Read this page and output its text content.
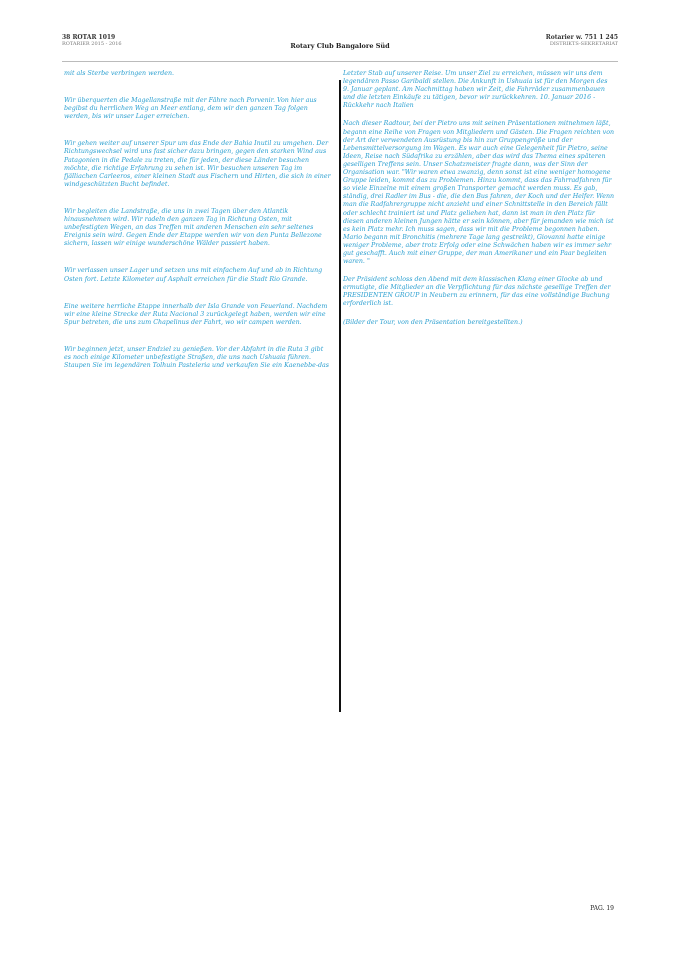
38 ROTAR 1019
ROTARIER 2015 - 2016	Rotary Club Bangalore Süd
Rotarier w. 751 1 245
DISTRIKTS-SEKRETARIAT

mit als Sterbe verbringen werden.

Wir überquerten die Magellanstraße mit der Fähre nach Porvenir. Von hier aus begibst du herrlichen Weg an Meer entlang, dem wir den ganzen Tag folgen werden, bis wir unser Lager erreichen.

Wir gehen weiter auf unserer Spur um das Ende der Bahia Inutil zu umgehen. Der Richtungswechsel wird uns fast sicher dazu bringen, gegen den starken Wind aus Patagonien in die Pedale zu treten, die für jeden, der diese Länder besuchen möchte, die richtige Erfahrung zu sehen ist. Wir besuchen unseren Tag im fjälliachen Carleeros, einer kleinen Stadt aus Fischern und Hirten, die sich in einer windgeschützten Bucht befindet.

Wir begleiten die Landstraße, die uns in zwei Tagen über den Atlantik hinausnehmen wird. Wir radeln den ganzen Tag in Richtung Osten, mit unbefestigten Wegen, an das Treffen mit anderen Menschen ein sehr seltenes Ereignis sein wird. Gegen Ende der Etappe werden wir von den Punta Bellezone sichern, lassen wir einige wunderschöne Wälder passiert haben.

Wir verlassen unser Lager und setzen uns mit einfachem Auf und ab in Richtung Osten fort. Letzte Kilometer auf Asphalt erreichen für die Stadt Rio Grande.

Eine weitere herrliche Etappe innerhalb der Isla Grande von Feuerland. Nachdem wir eine kleine Strecke der Ruta Nacional 3 zurückgelegt haben, werden wir eine Spur betreten, die uns zum Chapelinus der Fahrt, wo wir campen werden.

Wir beginnen jetzt, unser Endziel zu genießen. Vor der Abfahrt in die Ruta 3 gibt es noch einige Kilometer unbefestigte Straßen, die uns nach Ushuaia führen. Staupen Sie im legendären Tolhuin Pasteleria und verkaufen Sie ein Kaenebbe-das

Letzter Stab auf unserer Reise. Um unser Ziel zu erreichen, müssen wir uns dem legendären Passo Garibaldi stellen. Die Ankunft in Ushuaia ist für den Morgen des 9. Januar geplant. Am Nachmittag haben wir Zeit, die Fahrräder zusammenbauen und die letzten Einkäufe zu tätigen, bevor wir zurückkehren. 10. Januar 2016 - Rückkehr nach Italien

Nach dieser Radtour, bei der Pietro uns mit seinen Präsentationen mitnehmen läßt, begann eine Reihe von Fragen von Mitgliedern und Gästen. Die Fragen reichten von der Art der verwendeten Ausrüstung bis hin zur Gruppengröße und der Lebensmittelversorgung im Wagen. Es war auch eine Gelegenheit für Pietro, seine Ideen, Reise nach Südafrika zu erzählen, aber das wird das Thema eines späteren geselligen Treffens sein. Unser Schatzmeister fragte dann, was der Sinn der Organisation war. "Wir waren etwa zwanzig, denn sonst ist eine weniger homogene Gruppe leiden, kommt das zu Problemen. Hinzu kommt, dass das Fahrradfahren für so viele Einzelne mit einem großen Transporter gemacht werden muss. Es gab, ständig, drei Radler im Bus - die, die den Bus fahren, der Koch und der Helfer. Wenn man die Radfahrergruppe nicht anzieht und einer Schnittstelle in den Bereich fällt oder schlecht trainiert ist und Platz geliehen hat, dann ist man in den Platz für diesen anderen kleinen Jungen hätte er sein können, aber für jemanden wie mich ist es kein Platz mehr. Ich muss sagen, dass wir mit die Probleme begonnen haben. Mario begann mit Bronchitis (mehrere Tage lang gestreikt), Giovanni hatte einige weniger Probleme, aber trotz Erfolg oder eine Schwächen haben wir es immer sehr gut geschafft. Auch mit einer Gruppe, der man Amerikaner und ein Paar begleiten waren. "

Der Präsident schloss den Abend mit dem klassischen Klang einer Glocke ab und ermutigte, die Mitglieder an die Verpflichtung für das nächste gesellige Treffen der PRESIDENTEN GROUP in Neubern zu erinnern, für das eine vollständige Buchung erforderlich ist.

(Bilder der Tour, von den Präsentation bereitgestellten.)

PAG. 19
